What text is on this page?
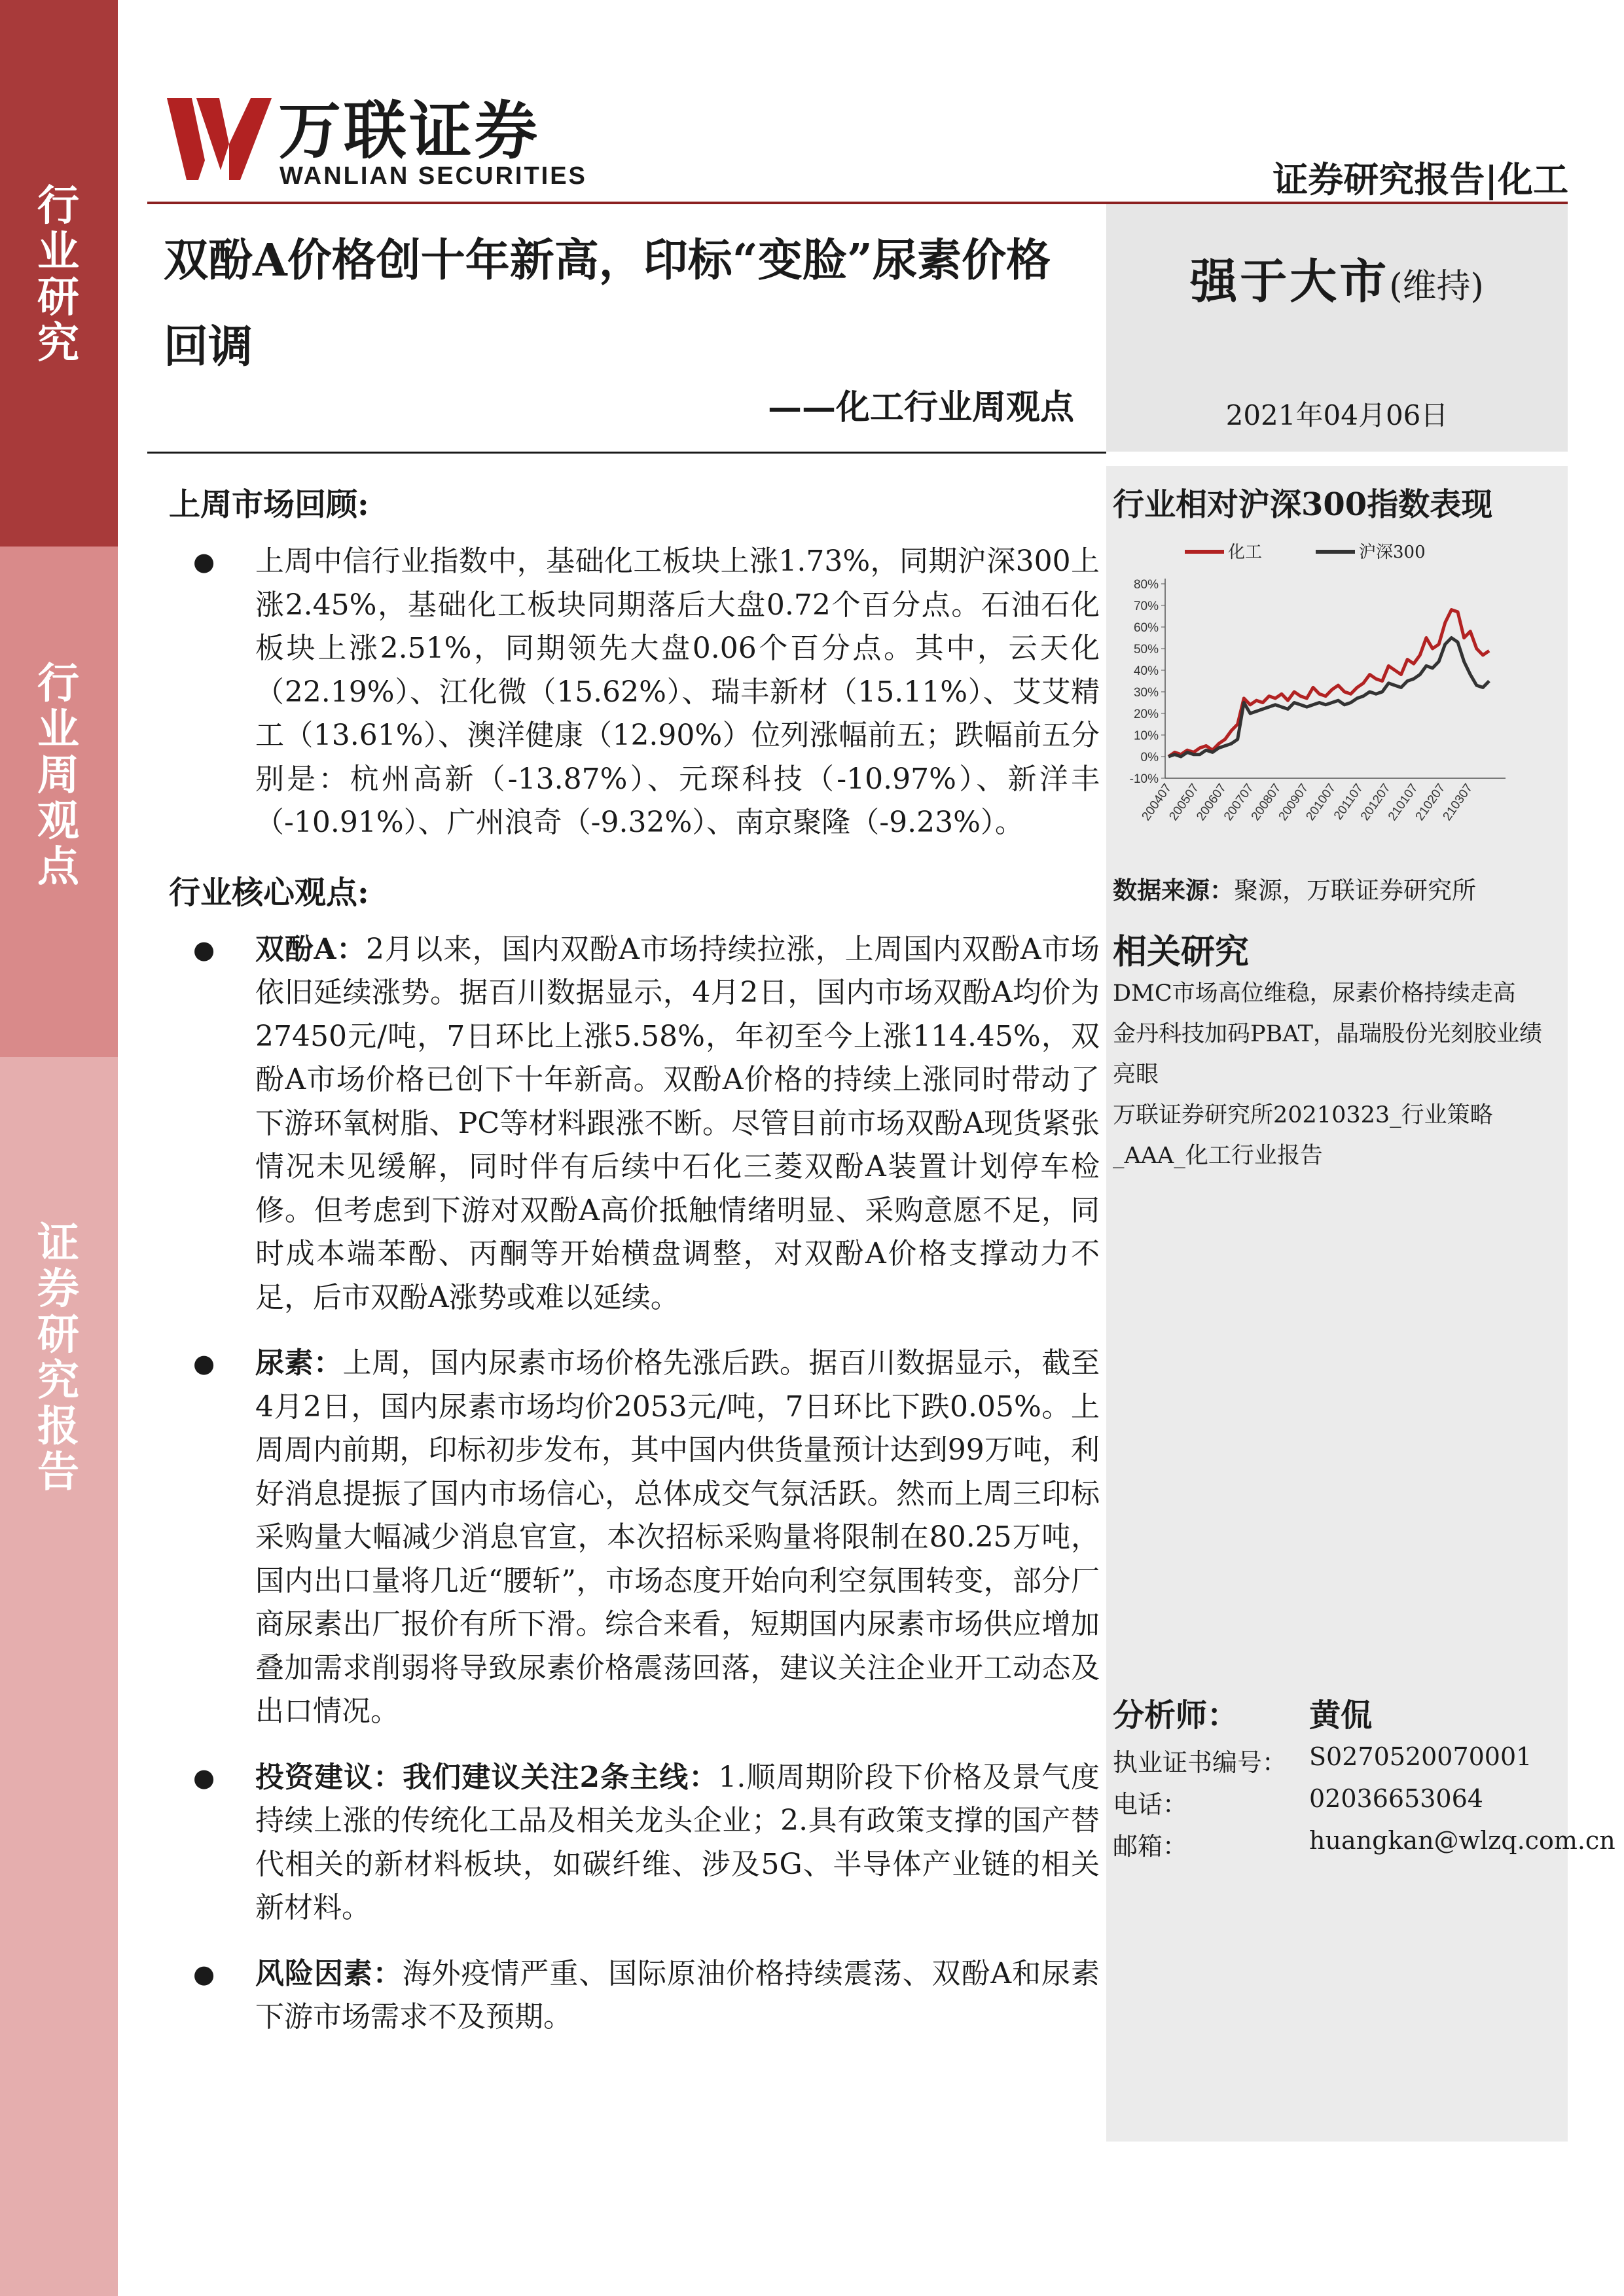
行业研究
行业周观点
证券研究报告
万联证券
WANLIAN SECURITIES	证券研究报告|化工
强于大市(维持)
2021年04月06日
双酚A价格创十年新高，印标“变脸”尿素价格回调
——化工行业周观点
上周市场回顾:
● 上周中信行业指数中，基础化工板块上涨1.73%，同期沪深300上涨2.45%，基础化工板块同期落后大盘0.72个百分点。石油石化板块上涨2.51%，同期领先大盘0.06个百分点。其中，云天化（22.19%）、江化微（15.62%）、瑞丰新材（15.11%）、艾艾精工（13.61%）、澳洋健康（12.90%）位列涨幅前五；跌幅前五分别是：杭州高新（-13.87%）、元琛科技（-10.97%）、新洋丰（-10.91%）、广州浪奇（-9.32%）、南京聚隆（-9.23%）。
行业核心观点:
● 双酚A：2月以来，国内双酚A市场持续拉涨，上周国内双酚A市场依旧延续涨势。据百川数据显示，4月2日，国内市场双酚A均价为27450元/吨，7日环比上涨5.58%，年初至今上涨114.45%，双酚A市场价格已创下十年新高。双酚A价格的持续上涨同时带动了下游环氧树脂、PC等材料跟涨不断。尽管目前市场双酚A现货紧张情况未见缓解，同时伴有后续中石化三菱双酚A装置计划停车检修。但考虑到下游对双酚A高价抵触情绪明显、采购意愿不足，同时成本端苯酚、丙酮等开始横盘调整，对双酚A价格支撑动力不足，后市双酚A涨势或难以延续。
● 尿素：上周，国内尿素市场价格先涨后跌。据百川数据显示，截至4月2日，国内尿素市场均价2053元/吨，7日环比下跌0.05%。上周周内前期，印标初步发布，其中国内供货量预计达到99万吨，利好消息提振了国内市场信心，总体成交气氛活跃。然而上周三印标采购量大幅减少消息官宣，本次招标采购量将限制在80.25万吨，国内出口量将几近“腰斩”，市场态度开始向利空氛围转变，部分厂商尿素出厂报价有所下滑。综合来看，短期国内尿素市场供应增加叠加需求削弱将导致尿素价格震荡回落，建议关注企业开工动态及出口情况。
● 投资建议：我们建议关注2条主线：1.顺周期阶段下价格及景气度持续上涨的传统化工品及相关龙头企业；2.具有政策支撑的国产替代相关的新材料板块，如碳纤维、涉及5G、半导体产业链的相关新材料。
● 风险因素：海外疫情严重、国际原油价格持续震荡、双酚A和尿素下游市场需求不及预期。
行业相对沪深300指数表现
化工	沪深300
-10%
0%
10%
20%
30%
40%
50%
60%
70%
80%
200407
200507
200607
200707
200807
200907
201007
201107
201207
210107
210207
210307
数据来源：聚源，万联证券研究所
相关研究
DMC市场高位维稳，尿素价格持续走高
金丹科技加码PBAT，晶瑞股份光刻胶业绩亮眼
万联证券研究所20210323_行业策略_AAA_化工行业报告
分析师： 黄侃
执业证书编号： S0270520070001
电话：	02036653064
邮箱：	huangkan@wlzq.com.cn
